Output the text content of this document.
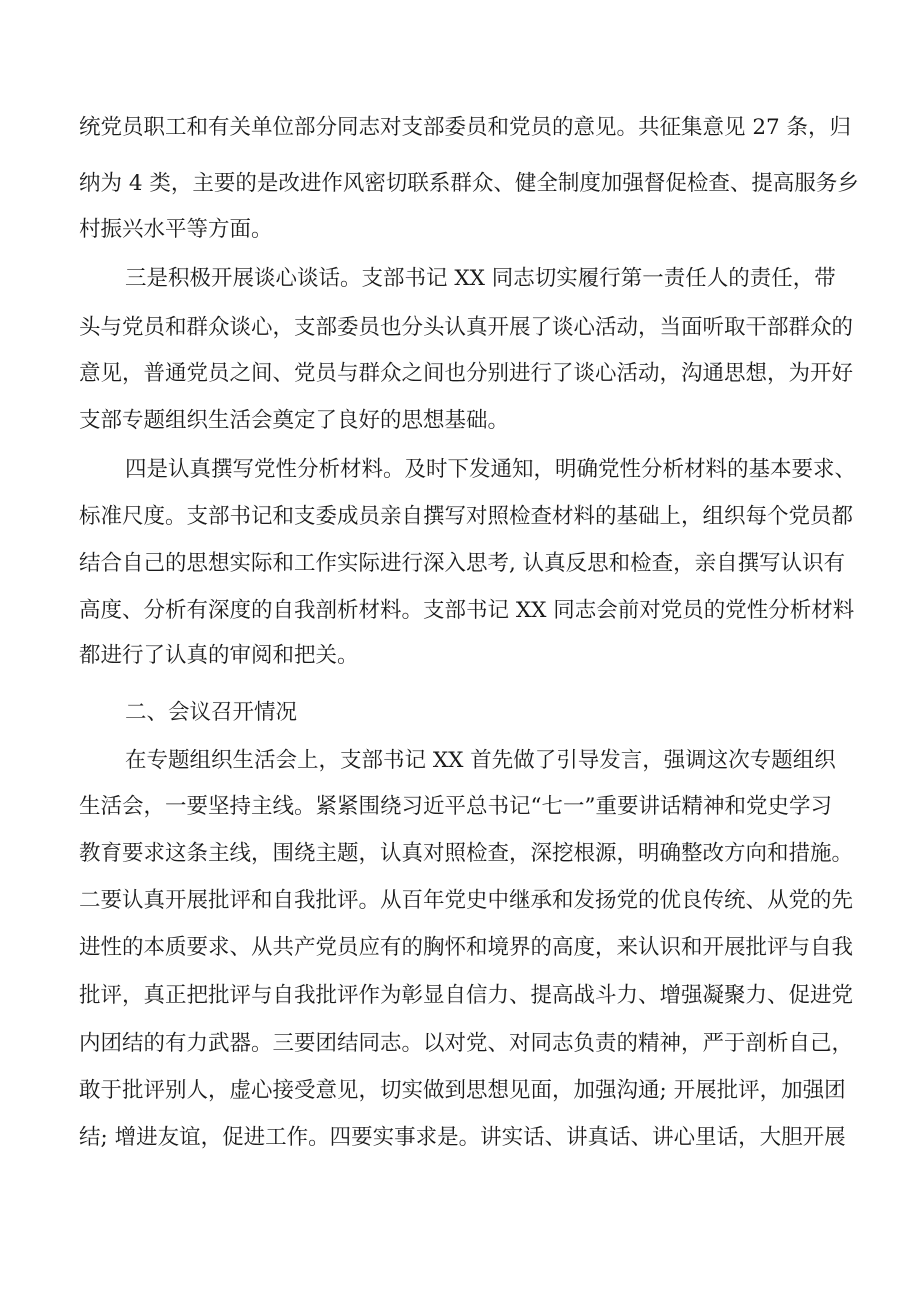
统党员职工和有关单位部分同志对支部委员和党员的意见。共征集意见 27 条，归
纳为 4 类，主要的是改进作风密切联系群众、健全制度加强督促检查、提高服务乡
村振兴水平等方面。
三是积极开展谈心谈话。支部书记 XX 同志切实履行第一责任人的责任，带
头与党员和群众谈心，支部委员也分头认真开展了谈心活动，当面听取干部群众的
意见，普通党员之间、党员与群众之间也分别进行了谈心活动，沟通思想，为开好
支部专题组织生活会奠定了良好的思想基础。
四是认真撰写党性分析材料。及时下发通知，明确党性分析材料的基本要求、
标准尺度。支部书记和支委成员亲自撰写对照检查材料的基础上，组织每个党员都
结合自己的思想实际和工作实际进行深入思考, 认真反思和检查，亲自撰写认识有
高度、分析有深度的自我剖析材料。支部书记 XX 同志会前对党员的党性分析材料
都进行了认真的审阅和把关。
二、会议召开情况
在专题组织生活会上，支部书记 XX 首先做了引导发言，强调这次专题组织
生活会，一要坚持主线。紧紧围绕习近平总书记“七一”重要讲话精神和党史学习
教育要求这条主线，围绕主题，认真对照检查，深挖根源，明确整改方向和措施。
二要认真开展批评和自我批评。从百年党史中继承和发扬党的优良传统、从党的先
进性的本质要求、从共产党员应有的胸怀和境界的高度，来认识和开展批评与自我
批评，真正把批评与自我批评作为彰显自信力、提高战斗力、增强凝聚力、促进党
内团结的有力武器。三要团结同志。以对党、对同志负责的精神，严于剖析自己，
敢于批评别人，虚心接受意见，切实做到思想见面，加强沟通; 开展批评，加强团
结; 增进友谊，促进工作。四要实事求是。讲实话、讲真话、讲心里话，大胆开展
